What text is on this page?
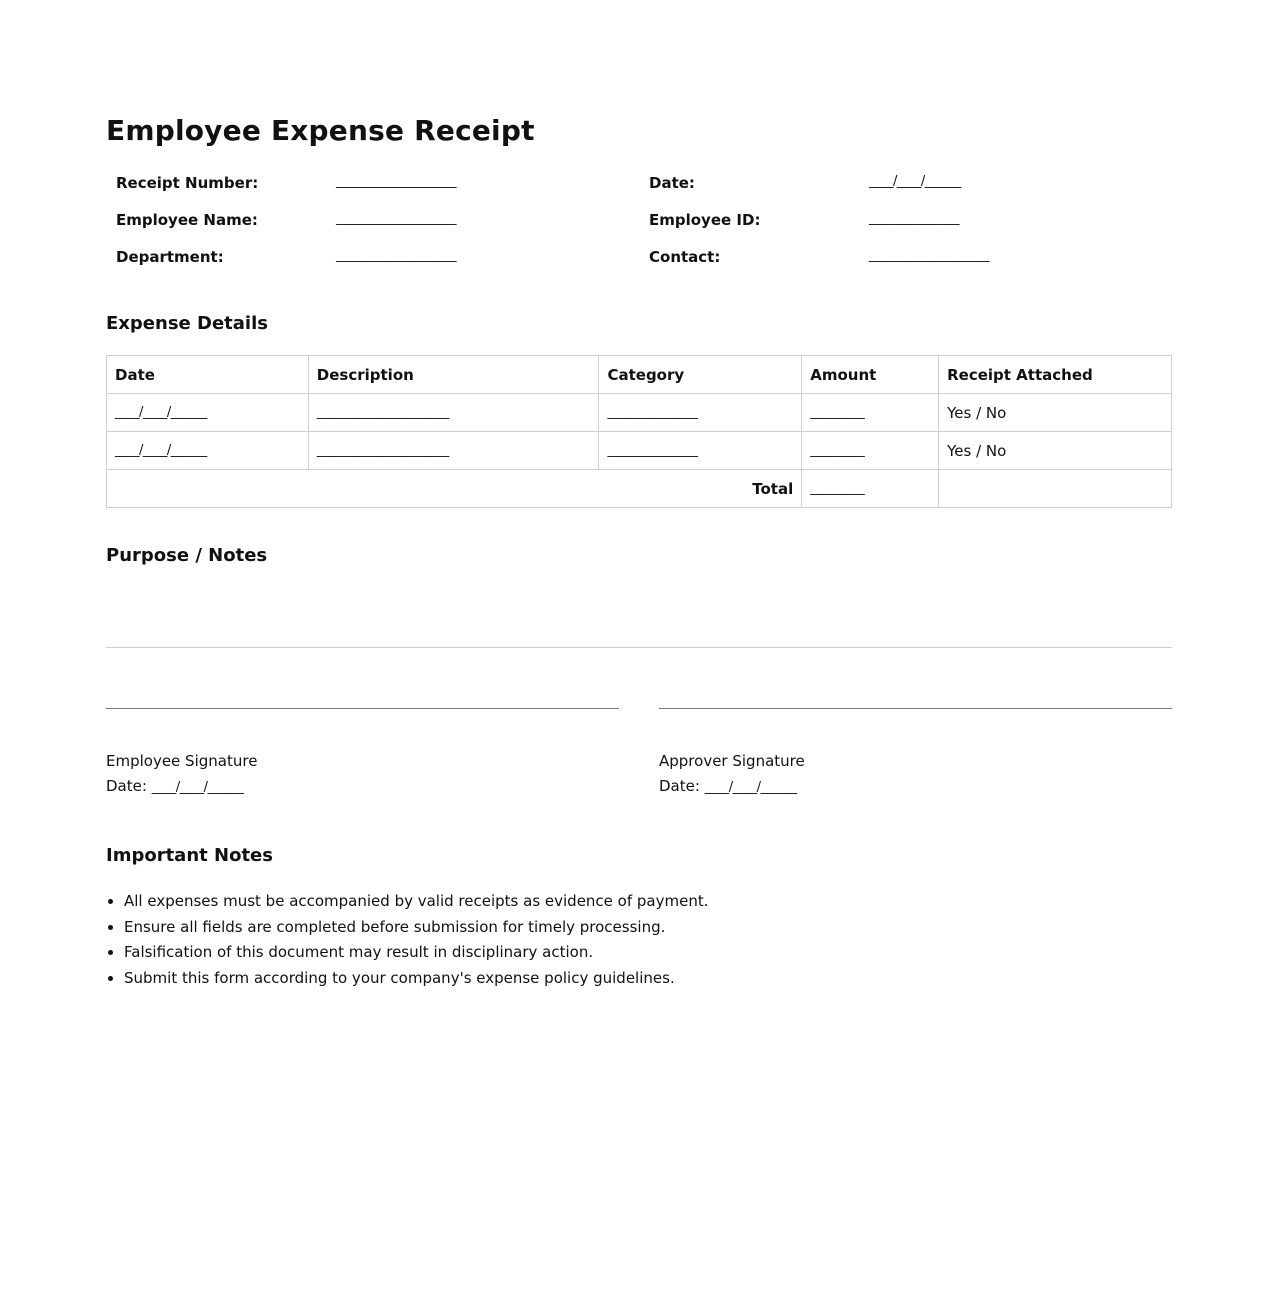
Employee Expense Receipt
Receipt Number:	____________________	Date:	____/____/______
Employee Name:	____________________	Employee ID:	_______________
Department:	____________________	Contact:	____________________
Expense Details
Date	Description	Category	Amount	Receipt Attached
____/____/______	______________________	_______________	_________	Yes / No
____/____/______	______________________	_______________	_________	Yes / No
Total			_________	
Purpose / Notes
Employee Signature
Date: ____/____/______
Approver Signature
Date: ____/____/______
Important Notes
• All expenses must be accompanied by valid receipts as evidence of payment.
• Ensure all fields are completed before submission for timely processing.
• Falsification of this document may result in disciplinary action.
• Submit this form according to your company's expense policy guidelines.
